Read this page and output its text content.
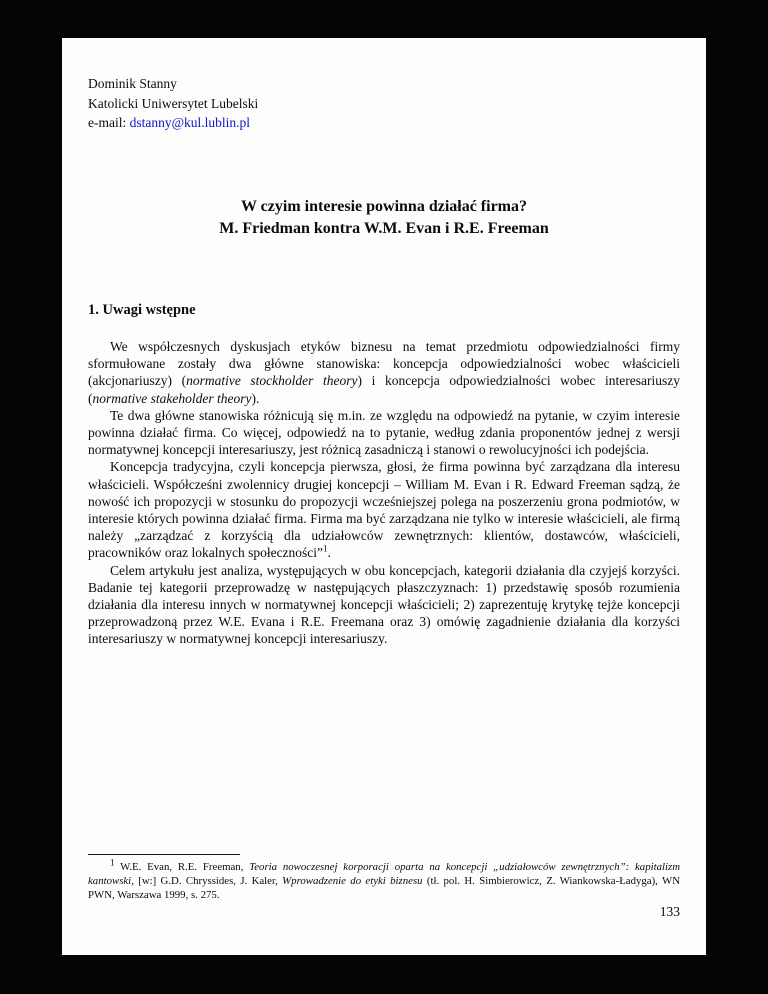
Dominik Stanny
Katolicki Uniwersytet Lubelski
e-mail: dstanny@kul.lublin.pl
W czyim interesie powinna działać firma?
M. Friedman kontra W.M. Evan i R.E. Freeman
1. Uwagi wstępne

We współczesnych dyskusjach etyków biznesu na temat przedmiotu odpowiedzialności firmy sformułowane zostały dwa główne stanowiska: koncepcja odpowiedzialności wobec właścicieli (akcjonariuszy) (normative stockholder theory) i koncepcja odpowiedzialności wobec interesariuszy (normative stakeholder theory).

Te dwa główne stanowiska różnicują się m.in. ze względu na odpowiedź na pytanie, w czyim interesie powinna działać firma. Co więcej, odpowiedź na to pytanie, według zdania proponentów jednej z wersji normatywnej koncepcji interesariuszy, jest różnicą zasadniczą i stanowi o rewolucyjności ich podejścia.

Koncepcja tradycyjna, czyli koncepcja pierwsza, głosi, że firma powinna być zarządzana dla interesu właścicieli. Współcześni zwolennicy drugiej koncepcji – William M. Evan i R. Edward Freeman sądzą, że nowość ich propozycji w stosunku do propozycji wcześniejszej polega na poszerzeniu grona podmiotów, w interesie których powinna działać firma. Firma ma być zarządzana nie tylko w interesie właścicieli, ale firmą należy „zarządzać z korzyścią dla udziałowców zewnętrznych: klientów, dostawców, właścicieli, pracowników oraz lokalnych społeczności”$^1$.

Celem artykułu jest analiza, występujących w obu koncepcjach, kategorii działania dla czyjejś korzyści. Badanie tej kategorii przeprowadzę w następujących płaszczyznach: 1) przedstawię sposób rozumienia działania dla interesu innych w normatywnej koncepcji właścicieli; 2) zaprezentuję krytykę tejże koncepcji przeprowadzoną przez W.E. Evana i R.E. Freemana oraz 3) omówię zagadnienie działania dla korzyści interesariuszy w normatywnej koncepcji interesariuszy.

$^1$ W.E. Evan, R.E. Freeman, Teoria nowoczesnej korporacji oparta na koncepcji „udziałowców zewnętrznych”: kapitalizm kantowski, [w:] G.D. Chryssides, J. Kaler, Wprowadzenie do etyki biznesu (tł. pol. H. Simbierowicz, Z. Wiankowska-Ładyga), WN PWN, Warszawa 1999, s. 275.
133
